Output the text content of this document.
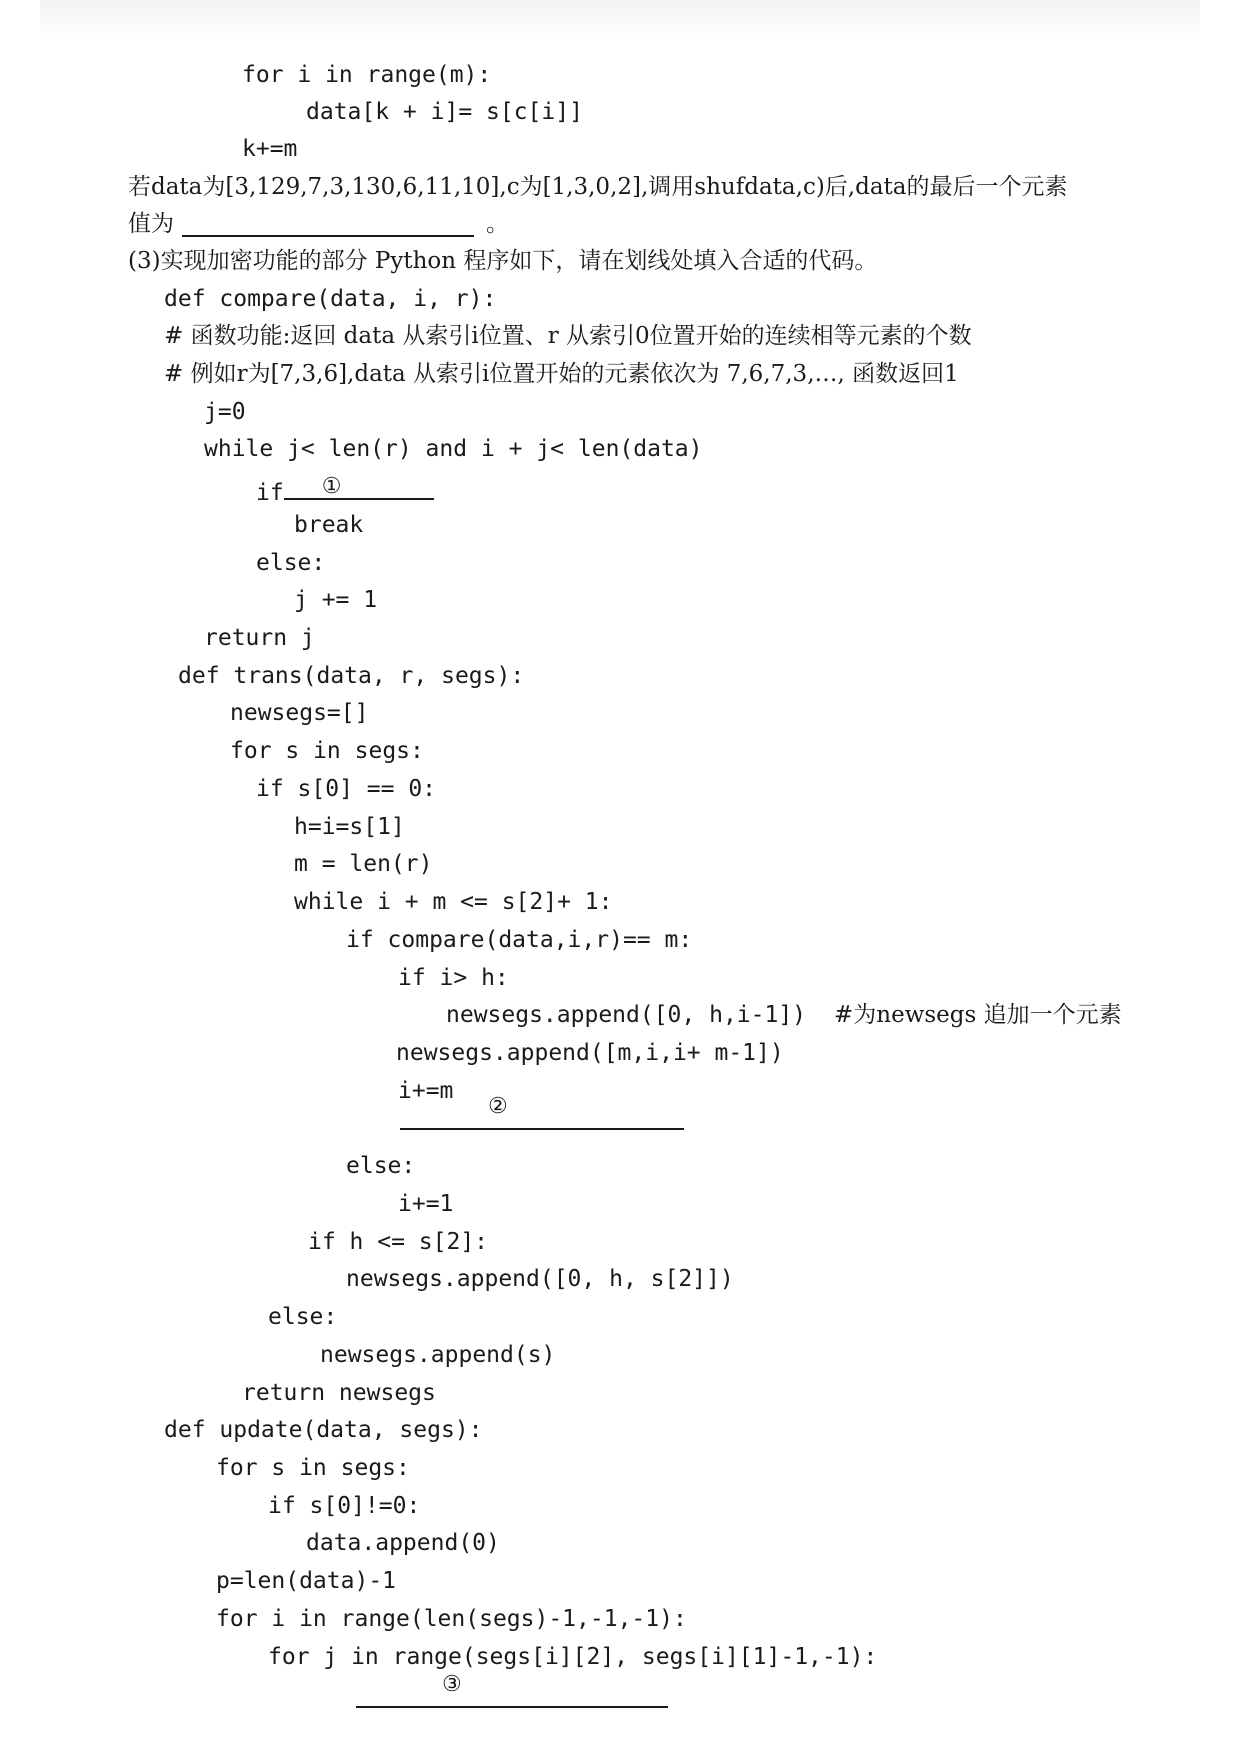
for i in range(m):
data[k + i]= s[c[i]]
k+=m
若data为[3,129,7,3,130,6,11,10],c为[1,3,0,2],调用shufdata,c)后,data的最后一个元素
值为	。
(3)实现加密功能的部分 Python 程序如下，请在划线处填入合适的代码。
def compare(data, i, r):
# 函数功能:返回 data 从索引i位置、r 从索引0位置开始的连续相等元素的个数
# 例如r为[7,3,6],data 从索引i位置开始的元素依次为 7,6,7,3,…, 函数返回1
j=0
while j< len(r) and i + j< len(data)
if ①
break
else:
j += 1
return j
def trans(data, r, segs):
newsegs=[]
for s in segs:
if s[0] == 0:
h=i=s[1]
m = len(r)
while i + m <= s[2]+ 1:
if compare(data,i,r)== m:
if i> h:
newsegs.append([0, h,i-1]) #为newsegs 追加一个元素
newsegs.append([m,i,i+ m-1])
i+=m
②
else:
i+=1
if h <= s[2]:
newsegs.append([0, h, s[2]])
else:
newsegs.append(s)
return newsegs
def update(data, segs):
for s in segs:
if s[0]!=0:
data.append(0)
p=len(data)-1
for i in range(len(segs)-1,-1,-1):
for j in range(segs[i][2], segs[i][1]-1,-1):
③
